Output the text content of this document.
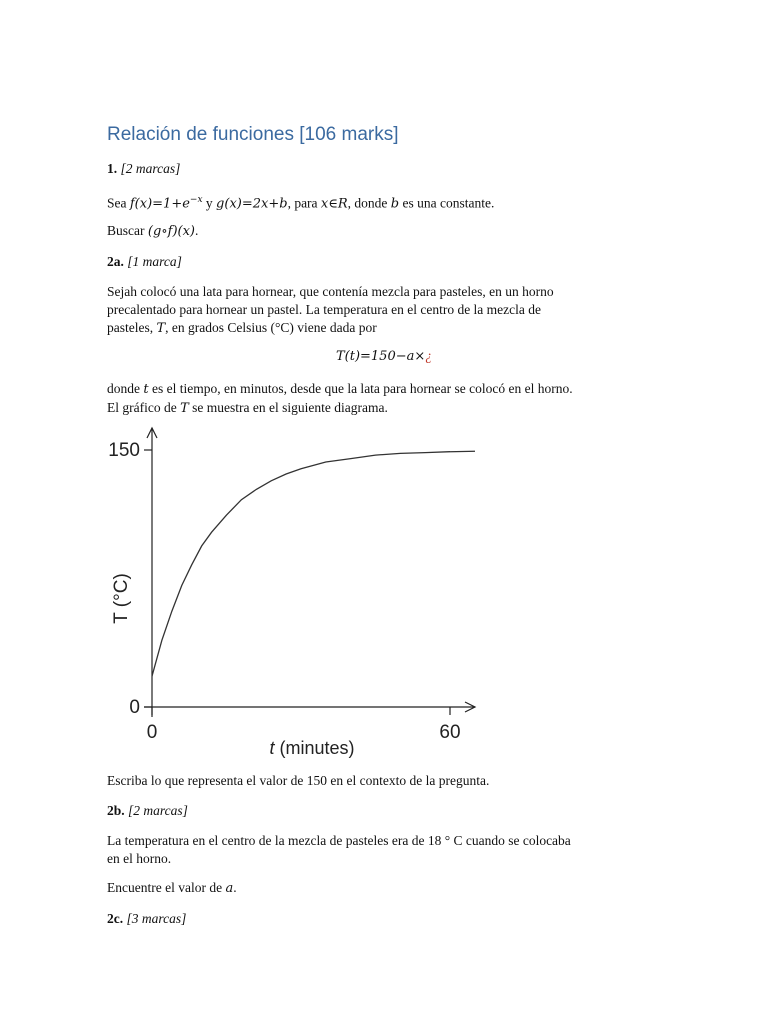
Relación de funciones [106 marks]
1. [2 marcas]
Sea $f(x)=1+e^{-x}$ y g(x)=2x+b, para x∈R, donde b es una constante.
Buscar (g∘f)(x).
2a. [1 marca]
Sejah colocó una lata para hornear, que contenía mezcla para pasteles, en un horno
precalentado para hornear un pastel. La temperatura en el centro de la mezcla de
pasteles, T, en grados Celsius (°C) viene dada por
T(t)=150−a×¿
donde t es el tiempo, en minutos, desde que la lata para hornear se colocó en el horno.
El gráfico de T se muestra en el siguiente diagrama.
0
150
0	60
T (°C)
t (minutes)
Escriba lo que representa el valor de 150 en el contexto de la pregunta.
2b. [2 marcas]
La temperatura en el centro de la mezcla de pasteles era de 18 ° C cuando se colocaba
en el horno.
Encuentre el valor de a.
2c. [3 marcas]
